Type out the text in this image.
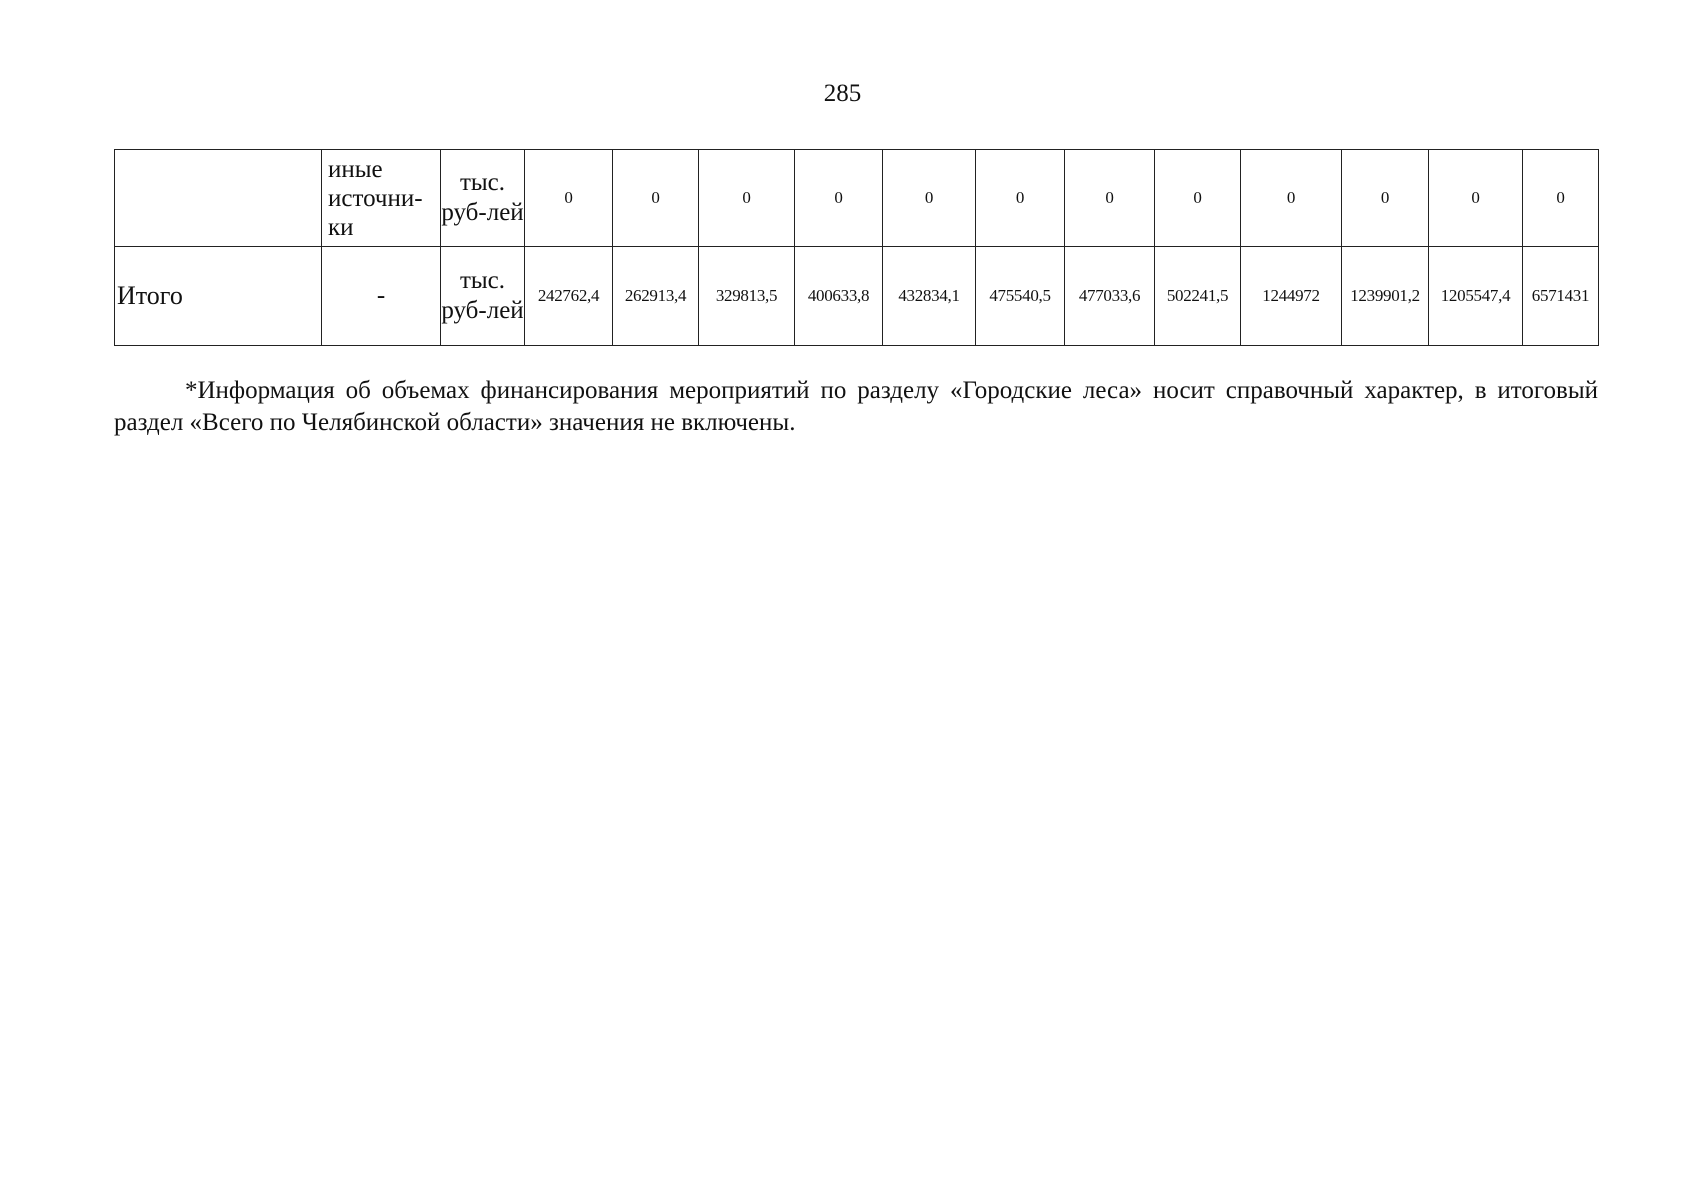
285
	иные источни-ки	тыс. руб-лей	0	0	0	0	0	0	0	0	0	0	0	0
Итого	-	тыс. руб-лей	242762,4	262913,4	329813,5	400633,8	432834,1	475540,5	477033,6	502241,5	1244972	1239901,2	1205547,4	6571431

*Информация об объемах финансирования мероприятий по разделу «Городские леса» носит справочный характер, в итоговый раздел «Всего по Челябинской области» значения не включены.
